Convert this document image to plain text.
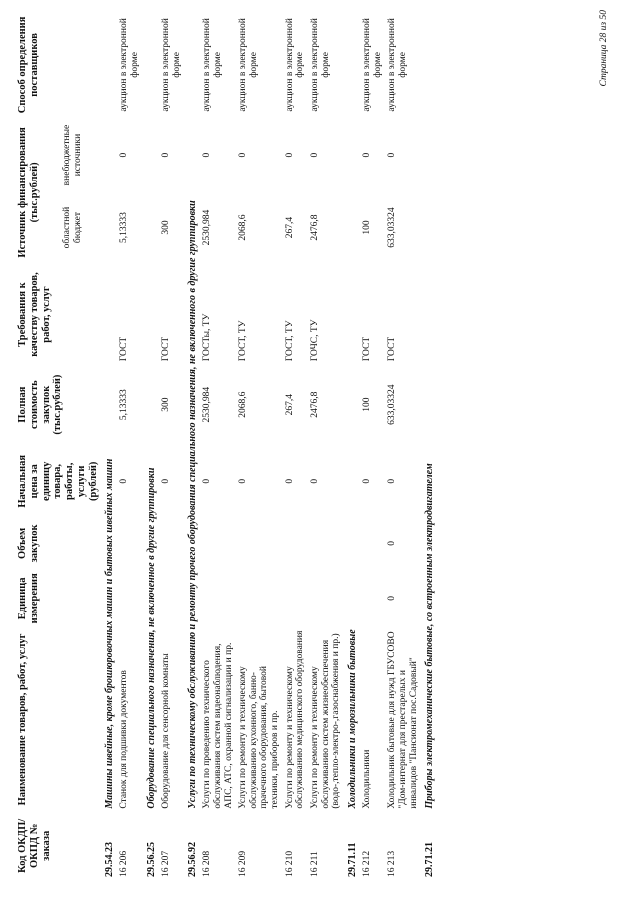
Код ОКДП/ ОКПД № заказа	Наименование товаров, работ, услуг	Единица измерения	Объем закупок	Начальная цена за единицу товара, работы, услуги (рублей)	Полная стоимость закупок (тыс.рублей)	Требования к качеству товаров, работ, услуг	Источник финансирования (тыс.рублей)		Способ определения поставщиков
							областной бюджет	внебюджетные источники	
29.54.23	Машины швейные, кроме брошюровочных машин и бытовых швейных машин								
16 206	Станок для подшивки документов			0	5,13333	ГОСТ	5,13333	0	аукцион в электронной форме
29.56.25	Оборудование специального назначения, не включенное в другие группировки								
16 207	Оборудование для сенсорной комнаты			0	300	ГОСТ	300	0	аукцион в электронной форме
29.56.92	Услуги по техническому обслуживанию и ремонту прочего оборудования специального назначения, не включенного в другие группировки								
16 208	Услуги по проведению технического обслуживания систем видеонаблюдения, АПС, АТС, охранной сигнализации и пр.			0	2530,984	ГОСТы, ТУ	2530,984	0	аукцион в электронной форме
16 209	Услуги по ремонту и техническому обслуживанию кухонного, банно-прачечного оборудования, бытовой техники, приборов и пр.			0	2068,6	ГОСТ, ТУ	2068,6	0	аукцион в электронной форме
16 210	Услуги по ремонту и техническому обслуживанию медицинского оборудования			0	267,4	ГОСТ, ТУ	267,4	0	аукцион в электронной форме
16 211	Услуги по ремонту и техническому обслуживанию систем жизнеобеспечения (водо-,тепло-электро-,газоснабжения и пр.)			0	2476,8	ГОЧС, ТУ	2476,8	0	аукцион в электронной форме
29.71.11	Холодильники и морозильники бытовые								
16 212	Холодильники			0	100	ГОСТ	100	0	аукцион в электронной форме
16 213	Холодильник бытовые для нужд ГБУСОВО "Дом-интернат для престарелых и инвалидов "Пансионат пос.Садовый"	0	0	0	633,03324	ГОСТ	633,03324	0	аукцион в электронной форме
29.71.21	Приборы электромеханические бытовые, со встроенным электродвигателем								
Страница 28 из 50
